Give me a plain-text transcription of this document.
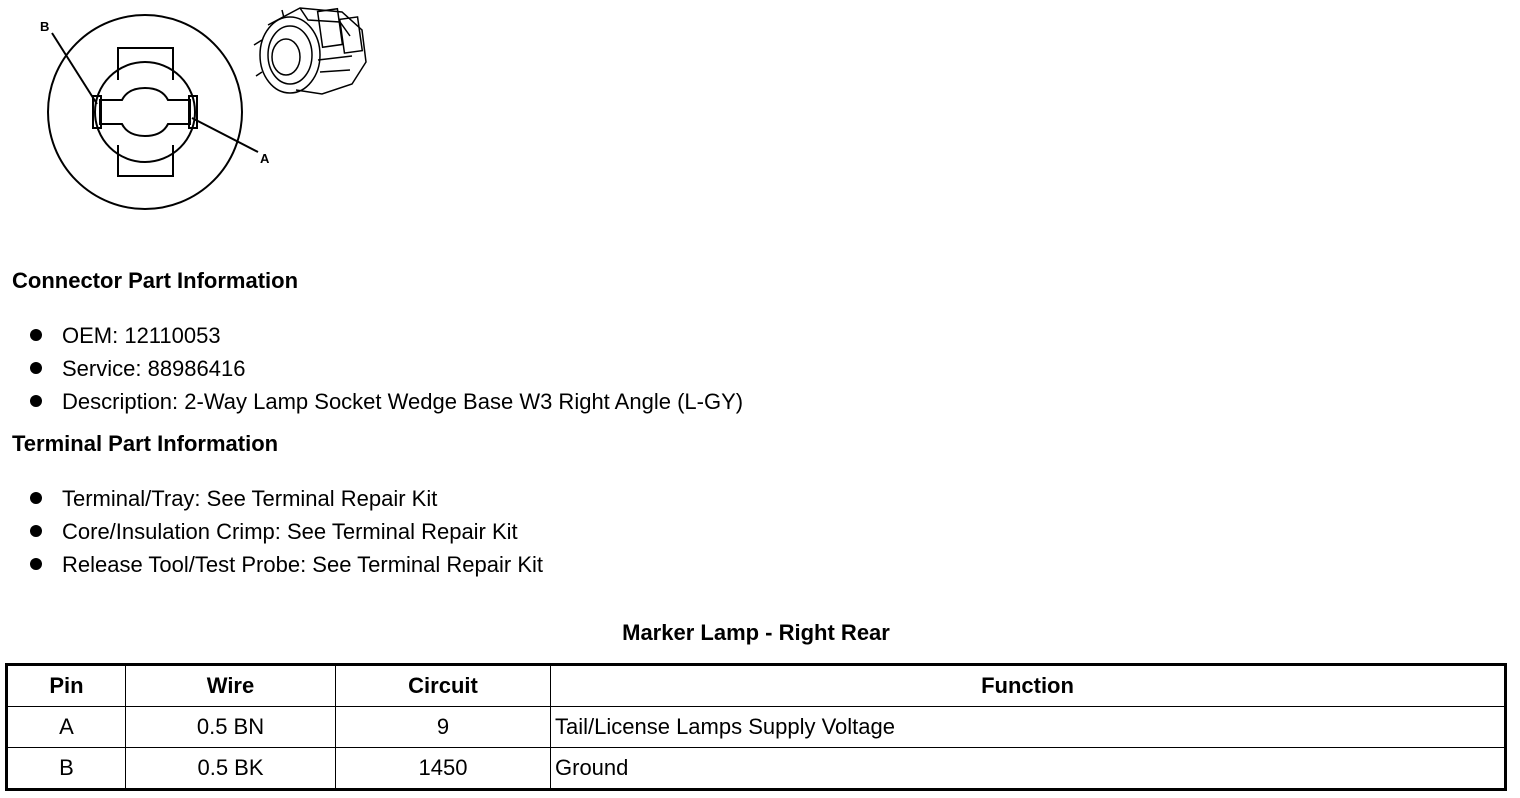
B
A
Connector Part Information
OEM: 12110053
Service: 88986416
Description: 2-Way Lamp Socket Wedge Base W3 Right Angle (L-GY)
Terminal Part Information
Terminal/Tray: See Terminal Repair Kit
Core/Insulation Crimp: See Terminal Repair Kit
Release Tool/Test Probe: See Terminal Repair Kit
Marker Lamp - Right Rear
Pin	Wire	Circuit	Function
A	0.5 BN	9	Tail/License Lamps Supply Voltage
B	0.5 BK	1450	Ground
